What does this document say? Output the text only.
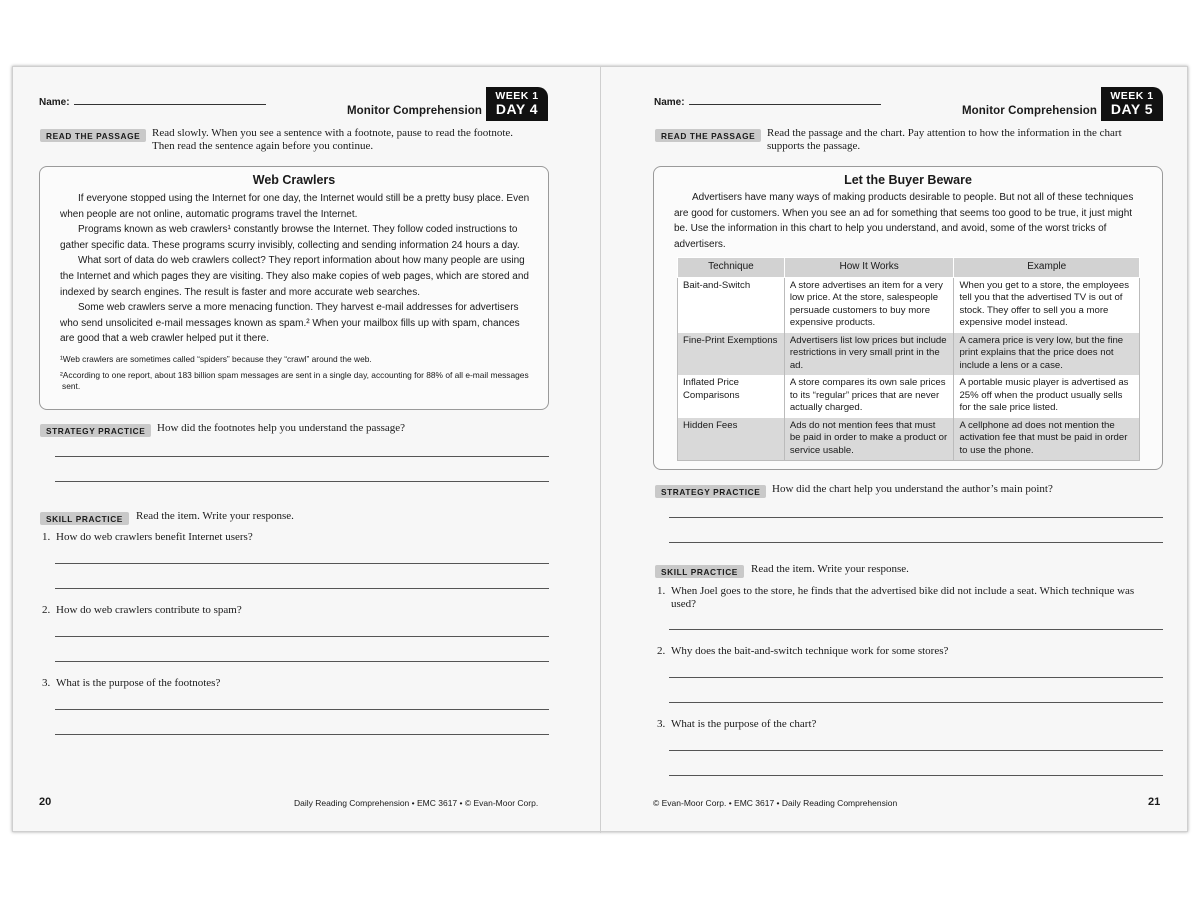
Name:
Monitor Comprehension
WEEK 1
DAY 4
READ THE PASSAGE	Read slowly. When you see a sentence with a footnote, pause to read the footnote. Then read the sentence again before you continue.
Web Crawlers
If everyone stopped using the Internet for one day, the Internet would still be a pretty busy place. Even when people are not online, automatic programs travel the Internet.
Programs known as web crawlers¹ constantly browse the Internet. They follow coded instructions to gather specific data. These programs scurry invisibly, collecting and sending information 24 hours a day.
What sort of data do web crawlers collect? They report information about how many people are using the Internet and which pages they are visiting. They also make copies of web pages, which are stored and indexed by search engines. The result is faster and more accurate web searches.
Some web crawlers serve a more menacing function. They harvest e-mail addresses for advertisers who send unsolicited e-mail messages known as spam.² When your mailbox fills up with spam, chances are good that a web crawler helped put it there.
¹Web crawlers are sometimes called “spiders” because they “crawl” around the web.
²According to one report, about 183 billion spam messages are sent in a single day, accounting for 88% of all e-mail messages sent.
STRATEGY PRACTICE	How did the footnotes help you understand the passage?
SKILL PRACTICE	Read the item. Write your response.
1. How do web crawlers benefit Internet users?
2. How do web crawlers contribute to spam?
3. What is the purpose of the footnotes?
20	Daily Reading Comprehension • EMC 3617 • © Evan-Moor Corp.
Name:
Monitor Comprehension
WEEK 1
DAY 5
READ THE PASSAGE	Read the passage and the chart. Pay attention to how the information in the chart supports the passage.
Let the Buyer Beware
Advertisers have many ways of making products desirable to people. But not all of these techniques are good for customers. When you see an ad for something that seems too good to be true, it just might be. Use the information in this chart to help you understand, and avoid, some of the worst tricks of advertisers.
Technique	How It Works	Example
Bait-and-Switch	A store advertises an item for a very low price. At the store, salespeople persuade customers to buy more expensive products.	When you get to a store, the employees tell you that the advertised TV is out of stock. They offer to sell you a more expensive model instead.
Fine-Print Exemptions	Advertisers list low prices but include restrictions in very small print in the ad.	A camera price is very low, but the fine print explains that the price does not include a lens or a case.
Inflated Price Comparisons	A store compares its own sale prices to its “regular” prices that are never actually charged.	A portable music player is advertised as 25% off when the product usually sells for the sale price listed.
Hidden Fees	Ads do not mention fees that must be paid in order to make a product or service usable.	A cellphone ad does not mention the activation fee that must be paid in order to use the phone.
STRATEGY PRACTICE	How did the chart help you understand the author’s main point?
SKILL PRACTICE	Read the item. Write your response.
1. When Joel goes to the store, he finds that the advertised bike did not include a seat. Which technique was used?
2. Why does the bait-and-switch technique work for some stores?
3. What is the purpose of the chart?
© Evan-Moor Corp. • EMC 3617 • Daily Reading Comprehension	21
